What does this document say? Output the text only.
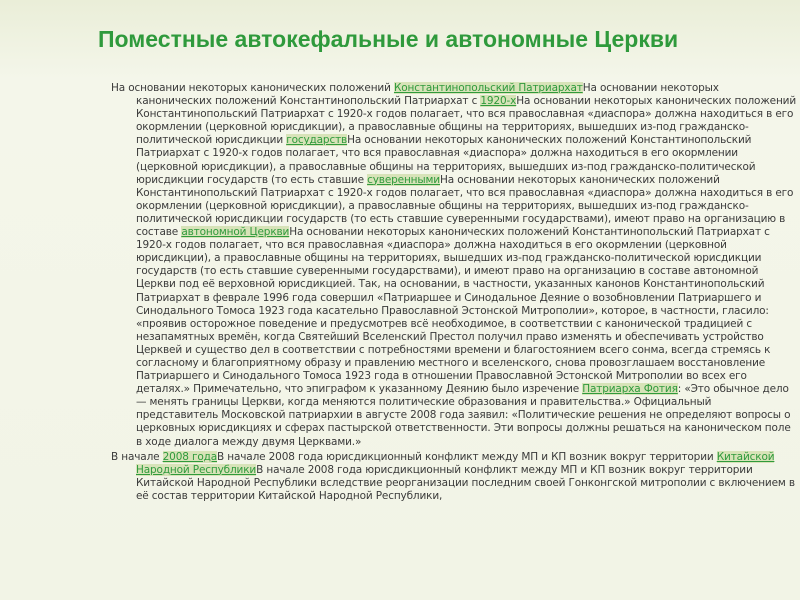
Поместные автокефальные и автономные Церкви

На основании некоторых канонических положений Константинопольский ПатриархатНа основании некоторых канонических положений Константинопольский Патриархат с 1920-хНа основании некоторых канонических положений Константинопольский Патриархат с 1920-х годов полагает, что вся православная «диаспора» должна находиться в его окормлении (церковной юрисдикции), а православные общины на территориях, вышедших из-под гражданско-политической юрисдикции государствНа основании некоторых канонических положений Константинопольский Патриархат с 1920-х годов полагает, что вся православная «диаспора» должна находиться в его окормлении (церковной юрисдикции), а православные общины на территориях, вышедших из-под гражданско-политической юрисдикции государств (то есть ставшие сувереннымиНа основании некоторых канонических положений Константинопольский Патриархат с 1920-х годов полагает, что вся православная «диаспора» должна находиться в его окормлении (церковной юрисдикции), а православные общины на территориях, вышедших из-под гражданско-политической юрисдикции государств (то есть ставшие суверенными государствами), имеют право на организацию в составе автономной ЦерквиНа основании некоторых канонических положений Константинопольский Патриархат с 1920-х годов полагает, что вся православная «диаспора» должна находиться в его окормлении (церковной юрисдикции), а православные общины на территориях, вышедших из-под гражданско-политической юрисдикции государств (то есть ставшие суверенными государствами), и имеют право на организацию в составе автономной Церкви под её верховной юрисдикцией. Так, на основании, в частности, указанных канонов Константинопольский Патриархат в феврале 1996 года совершил «Патриаршее и Синодальное Деяние о возобновлении Патриаршего и Синодального Томоса 1923 года касательно Православной Эстонской Митрополии», которое, в частности, гласило: «проявив осторожное поведение и предусмотрев всё необходимое, в соответствии с канонической традицией с незапамятных времён, когда Святейший Вселенский Престол получил право изменять и обеспечивать устройство Церквей и существо дел в соответствии с потребностями времени и благостоянием всего сонма, всегда стремясь к согласному и благоприятному образу и правлению местного и вселенского, снова провозглашаем восстановление Патриаршего и Синодального Томоса 1923 года в отношении Православной Эстонской Митрополии во всех его деталях.» Примечательно, что эпиграфом к указанному Деянию было изречение Патриарха Фотия: «Это обычное дело — менять границы Церкви, когда меняются политические образования и правительства.» Официальный представитель Московской патриархии в августе 2008 года заявил: «Политические решения не определяют вопросы о церковных юрисдикциях и сферах пастырской ответственности. Эти вопросы должны решаться на каноническом поле в ходе диалога между двумя Церквами.»

В начале 2008 годаВ начале 2008 года юрисдикционный конфликт между МП и КП возник вокруг территории Китайской Народной РеспубликиВ начале 2008 года юрисдикционный конфликт между МП и КП возник вокруг территории Китайской Народной Республики вследствие реорганизации последним своей Гонконгской митрополии с включением в её состав территории Китайской Народной Республики,
